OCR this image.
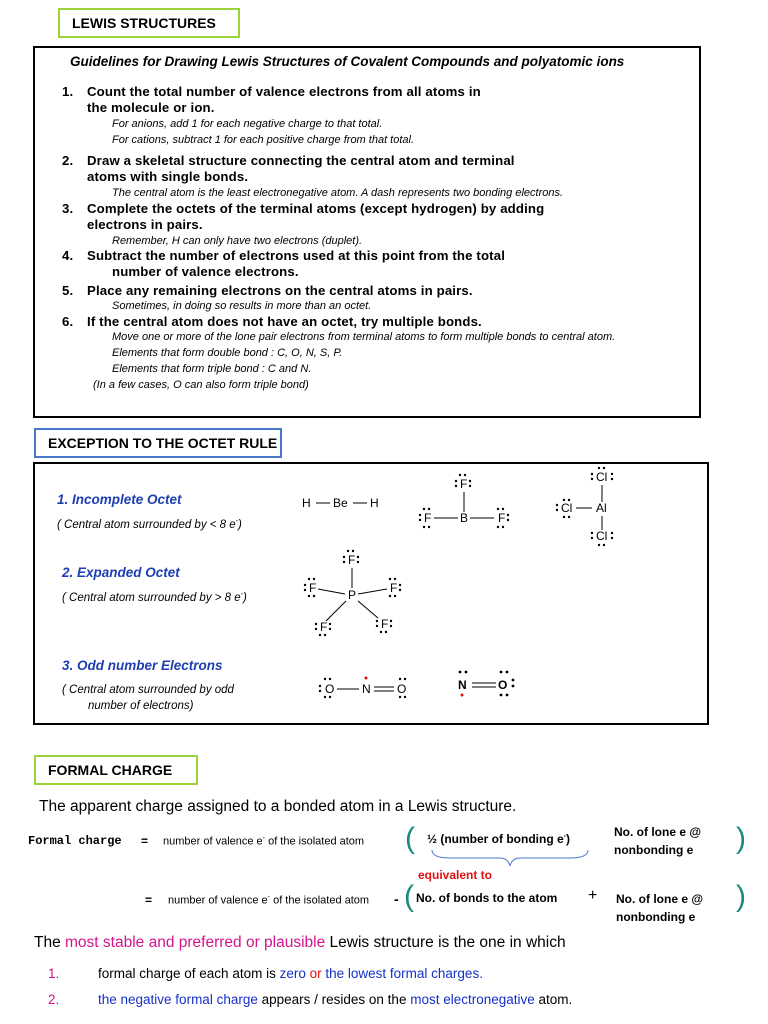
LEWIS STRUCTURES
Guidelines for Drawing Lewis Structures of Covalent Compounds and polyatomic ions
1. Count the total number of valence electrons from all atoms in
the molecule or ion.
For anions, add 1 for each negative charge to that total.
For cations, subtract 1 for each positive charge from that total.
2. Draw a skeletal structure connecting the central atom and terminal
atoms with single bonds.
The central atom is the least electronegative atom. A dash represents two bonding electrons.
3. Complete the octets of the terminal atoms (except hydrogen) by adding
electrons in pairs.
Remember, H can only have two electrons (duplet).
4. Subtract the number of electrons used at this point from the total
number of valence electrons.
5. Place any remaining electrons on the central atoms in pairs.
Sometimes, in doing so results in more than an octet.
6. If the central atom does not have an octet, try multiple bonds.
Move one or more of the lone pair electrons from terminal atoms to form multiple bonds to central atom.
Elements that form double bond : C, O, N, S, P.
Elements that form triple bond : C and N.
(In a few cases, O can also form triple bond)
EXCEPTION TO THE OCTET RULE
1. Incomplete Octet
( Central atom surrounded by < 8 e-)
2. Expanded Octet
( Central atom surrounded by > 8 e-)
3. Odd number Electrons
( Central atom surrounded by odd
number of electrons)
H Be H
F
B
F	F
Cl
Al
Cl
Cl
F
P
F	F
F	F
O N O	N	O
FORMAL CHARGE
The apparent charge assigned to a bonded atom in a Lewis structure.
Formal charge = number of valence e- of the isolated atom ( ½ (number of bonding e-)	No. of lone e @
nonbonding e )
equivalent to
= number of valence e- of the isolated atom - ( No. of bonds to the atom + No. of lone e @
nonbonding e
)
The most stable and preferred or plausible Lewis structure is the one in which
1.	formal charge of each atom is zero or the lowest formal charges.
2.	the negative formal charge appears / resides on the most electronegative atom.
